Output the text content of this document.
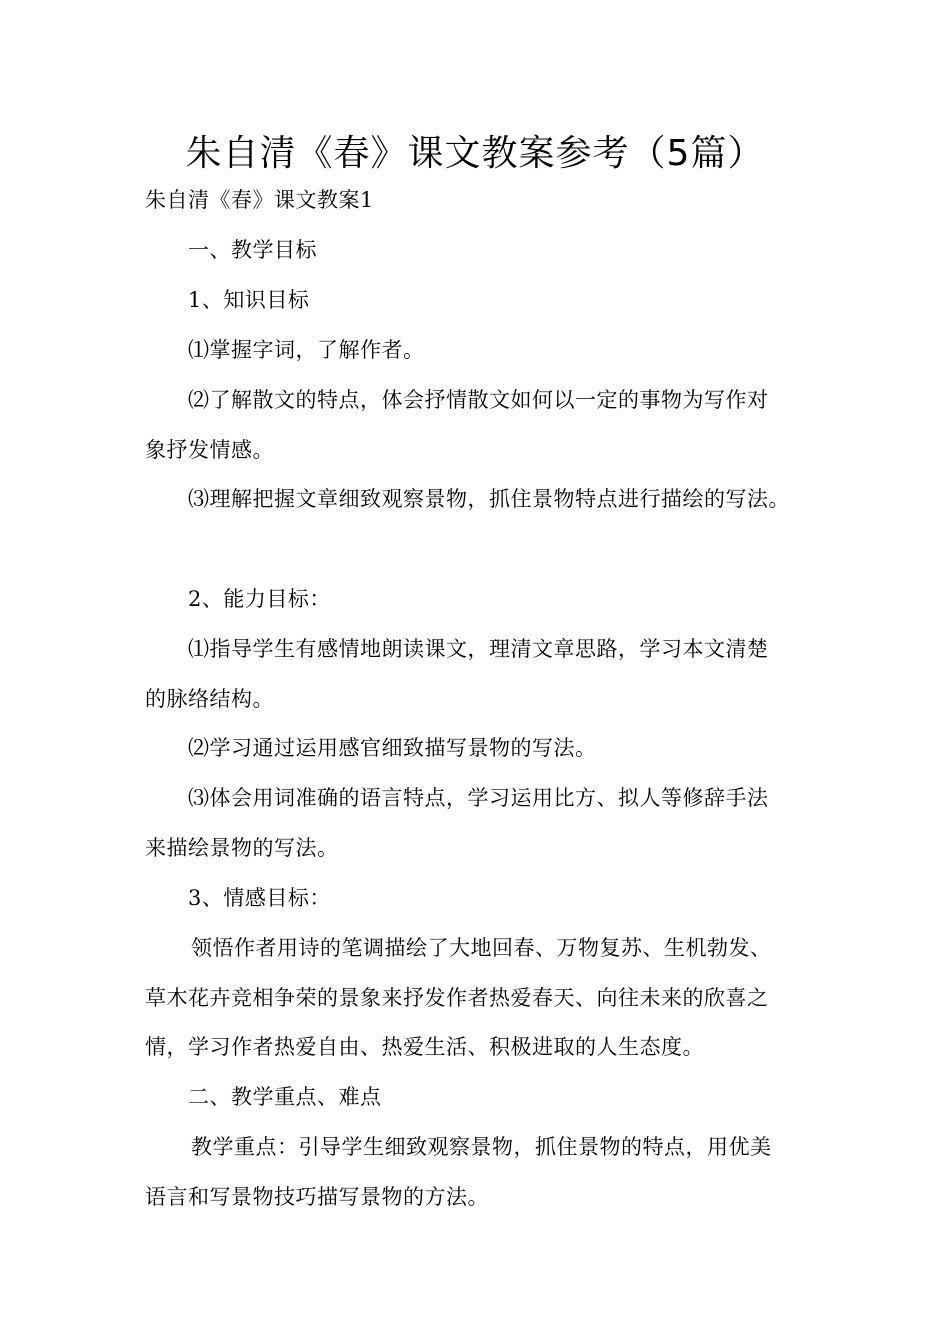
朱自清《春》课文教案参考（5篇）
朱自清《春》课文教案1
一、教学目标
1、知识目标
⑴掌握字词，了解作者。
⑵了解散文的特点，体会抒情散文如何以一定的事物为写作对
象抒发情感。
⑶理解把握文章细致观察景物，抓住景物特点进行描绘的写法。
2、能力目标：
⑴指导学生有感情地朗读课文，理清文章思路，学习本文清楚
的脉络结构。
⑵学习通过运用感官细致描写景物的写法。
⑶体会用词准确的语言特点，学习运用比方、拟人等修辞手法
来描绘景物的写法。
3、情感目标：
领悟作者用诗的笔调描绘了大地回春、万物复苏、生机勃发、
草木花卉竞相争荣的景象来抒发作者热爱春天、向往未来的欣喜之
情，学习作者热爱自由、热爱生活、积极进取的人生态度。
二、教学重点、难点
教学重点：引导学生细致观察景物，抓住景物的特点，用优美
语言和写景物技巧描写景物的方法。
